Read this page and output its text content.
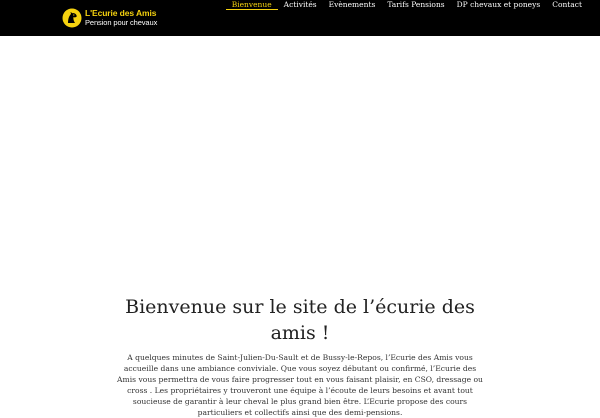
L'Ecurie des Amis
Pension pour chevaux
Bienvenue	Activités	Evènements	Tarifs Pensions	DP chevaux et poneys	Contact
Bienvenue sur le site de l’écurie des amis !

A quelques minutes de Saint-Julien-Du-Sault et de Bussy-le-Repos, l’Ecurie des Amis vous accueille dans une ambiance conviviale. Que vous soyez débutant ou confirmé, l’Ecurie des Amis vous permettra de vous faire progresser tout en vous faisant plaisir, en CSO, dressage ou cross . Les propriétaires y trouveront une équipe à l’écoute de leurs besoins et avant tout soucieuse de garantir à leur cheval le plus grand bien être. L’Ecurie propose des cours particuliers et collectifs ainsi que des demi-pensions.
